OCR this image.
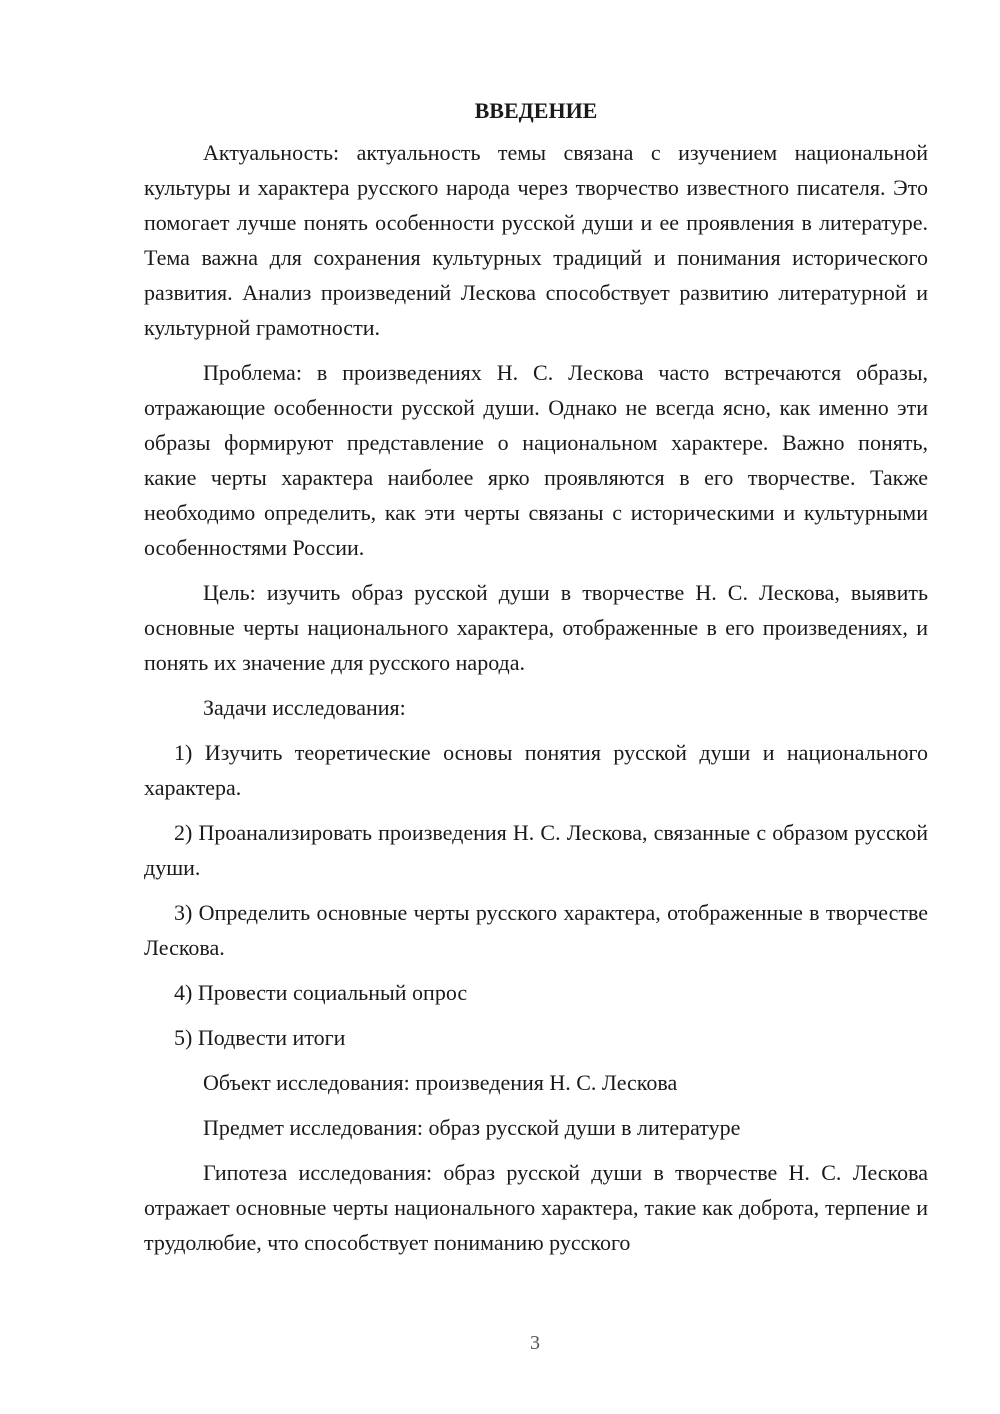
ВВЕДЕНИЕ

Актуальность: актуальность темы связана с изучением национальной культуры и характера русского народа через творчество известного писателя. Это помогает лучше понять особенности русской души и ее проявления в литературе. Тема важна для сохранения культурных традиций и понимания исторического развития. Анализ произведений Лескова способствует развитию литературной и культурной грамотности.

Проблема: в произведениях Н. С. Лескова часто встречаются образы, отражающие особенности русской души. Однако не всегда ясно, как именно эти образы формируют представление о национальном характере. Важно понять, какие черты характера наиболее ярко проявляются в его творчестве. Также необходимо определить, как эти черты связаны с историческими и культурными особенностями России.

Цель: изучить образ русской души в творчестве Н. С. Лескова, выявить основные черты национального характера, отображенные в его произведениях, и понять их значение для русского народа.

Задачи исследования:

1) Изучить теоретические основы понятия русской души и национального характера.

2) Проанализировать произведения Н. С. Лескова, связанные с образом русской души.

3) Определить основные черты русского характера, отображенные в творчестве Лескова.

4) Провести социальный опрос

5) Подвести итоги

Объект исследования: произведения Н. С. Лескова

Предмет исследования: образ русской души в литературе

Гипотеза исследования: образ русской души в творчестве Н. С. Лескова отражает основные черты национального характера, такие как доброта, терпение и трудолюбие, что способствует пониманию русского

3
